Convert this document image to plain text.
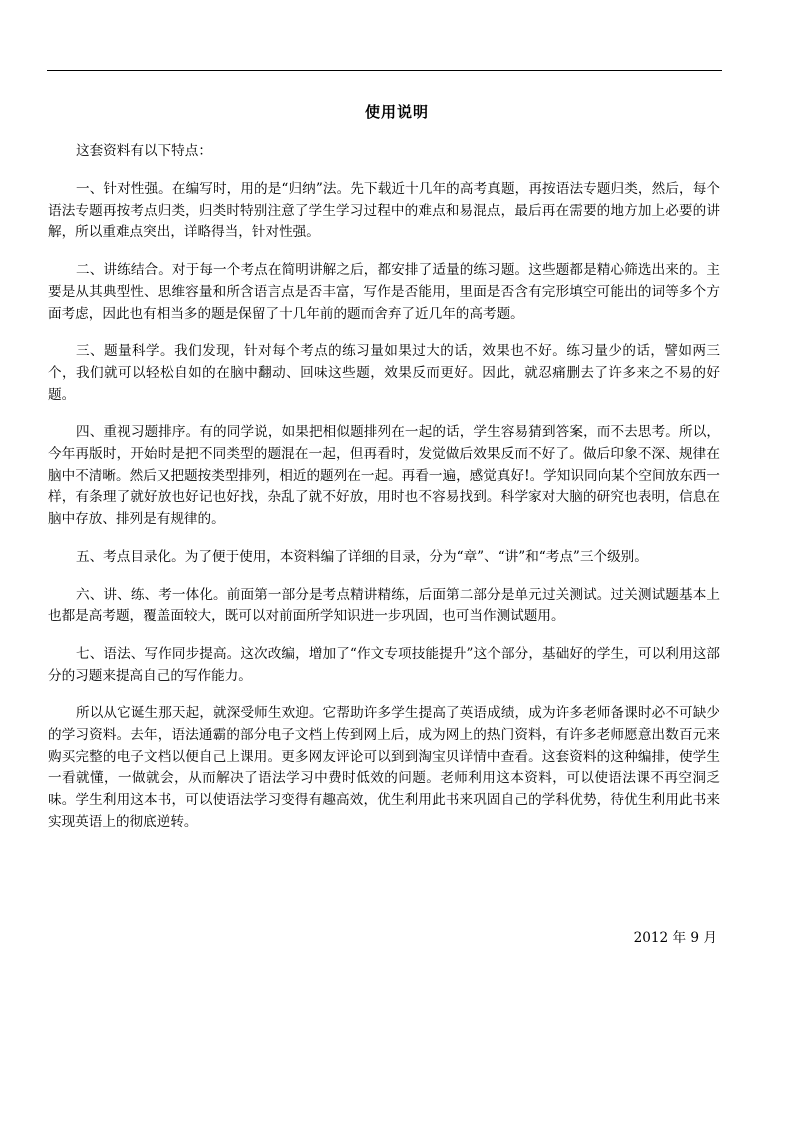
使用说明

这套资料有以下特点：

一、针对性强。在编写时，用的是“归纳”法。先下载近十几年的高考真题，再按语法专题归类，然后，每个语法专题再按考点归类，归类时特别注意了学生学习过程中的难点和易混点，最后再在需要的地方加上必要的讲解，所以重难点突出，详略得当，针对性强。

二、讲练结合。对于每一个考点在简明讲解之后，都安排了适量的练习题。这些题都是精心筛选出来的。主要是从其典型性、思维容量和所含语言点是否丰富，写作是否能用，里面是否含有完形填空可能出的词等多个方面考虑，因此也有相当多的题是保留了十几年前的题而舍弃了近几年的高考题。

三、题量科学。我们发现，针对每个考点的练习量如果过大的话，效果也不好。练习量少的话，譬如两三个，我们就可以轻松自如的在脑中翻动、回味这些题，效果反而更好。因此，就忍痛删去了许多来之不易的好题。

四、重视习题排序。有的同学说，如果把相似题排列在一起的话，学生容易猜到答案，而不去思考。所以，今年再版时，开始时是把不同类型的题混在一起，但再看时，发觉做后效果反而不好了。做后印象不深、规律在脑中不清晰。然后又把题按类型排列，相近的题列在一起。再看一遍，感觉真好!。学知识同向某个空间放东西一样，有条理了就好放也好记也好找，杂乱了就不好放，用时也不容易找到。科学家对大脑的研究也表明，信息在脑中存放、排列是有规律的。

五、考点目录化。为了便于使用，本资料编了详细的目录，分为“章”、“讲”和“考点”三个级别。

六、讲、练、考一体化。前面第一部分是考点精讲精练，后面第二部分是单元过关测试。过关测试题基本上也都是高考题，覆盖面较大，既可以对前面所学知识进一步巩固，也可当作测试题用。

七、语法、写作同步提高。这次改编，增加了“作文专项技能提升”这个部分，基础好的学生，可以利用这部分的习题来提高自己的写作能力。

所以从它诞生那天起，就深受师生欢迎。它帮助许多学生提高了英语成绩，成为许多老师备课时必不可缺少的学习资料。去年，语法通霸的部分电子文档上传到网上后，成为网上的热门资料，有许多老师愿意出数百元来购买完整的电子文档以便自己上课用。更多网友评论可以到到淘宝贝详情中查看。这套资料的这种编排，使学生一看就懂，一做就会，从而解决了语法学习中费时低效的问题。老师利用这本资料，可以使语法课不再空洞乏味。学生利用这本书，可以使语法学习变得有趣高效，优生利用此书来巩固自己的学科优势，待优生利用此书来实现英语上的彻底逆转。

2012 年 9 月
